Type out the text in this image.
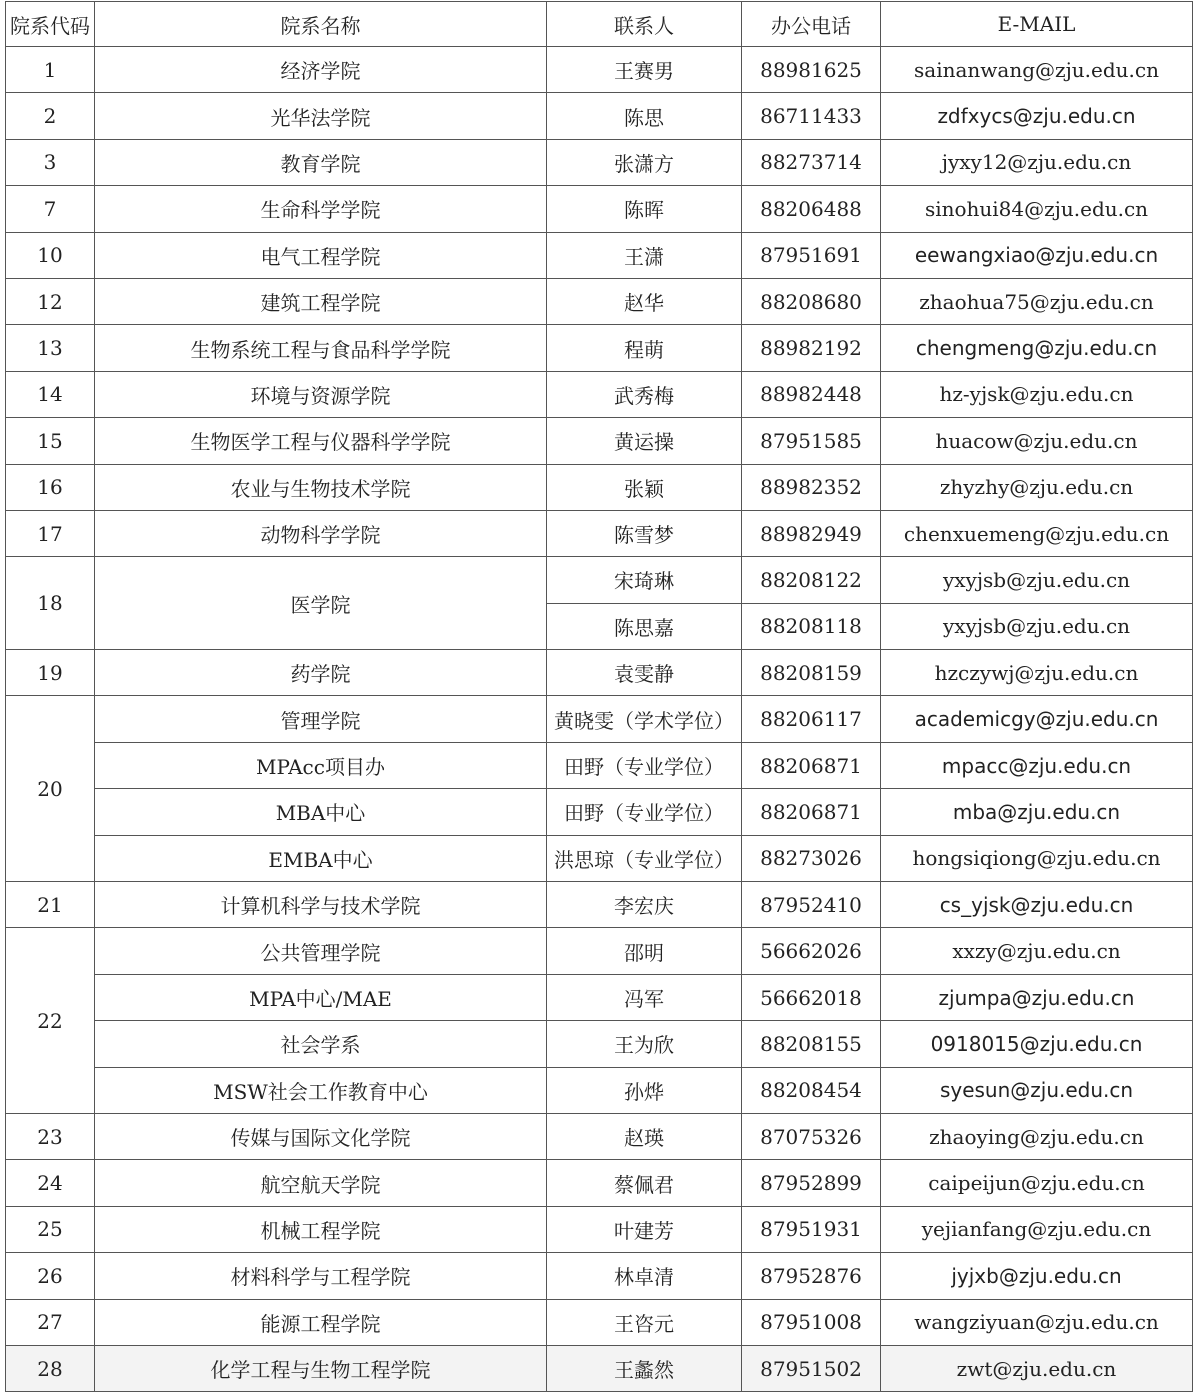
院系代码	院系名称	联系人	办公电话	E-MAIL
1	经济学院	王赛男	88981625	sainanwang@zju.edu.cn
2	光华法学院	陈思	86711433	zdfxycs@zju.edu.cn
3	教育学院	张潇方	88273714	jyxy12@zju.edu.cn
7	生命科学学院	陈晖	88206488	sinohui84@zju.edu.cn
10	电气工程学院	王潇	87951691	eewangxiao@zju.edu.cn
12	建筑工程学院	赵华	88208680	zhaohua75@zju.edu.cn
13	生物系统工程与食品科学学院	程萌	88982192	chengmeng@zju.edu.cn
14	环境与资源学院	武秀梅	88982448	hz-yjsk@zju.edu.cn
15	生物医学工程与仪器科学学院	黄运操	87951585	huacow@zju.edu.cn
16	农业与生物技术学院	张颖	88982352	zhyzhy@zju.edu.cn
17	动物科学学院	陈雪梦	88982949	chenxuemeng@zju.edu.cn
18	医学院	宋琦琳	88208122	yxyjsb@zju.edu.cn
		陈思嘉	88208118	yxyjsb@zju.edu.cn
19	药学院	袁雯静	88208159	hzczywj@zju.edu.cn
20	管理学院	黄晓雯（学术学位）	88206117	academicgy@zju.edu.cn
	MPAcc项目办	田野（专业学位）	88206871	mpacc@zju.edu.cn
	MBA中心	田野（专业学位）	88206871	mba@zju.edu.cn
	EMBA中心	洪思琼（专业学位）	88273026	hongsiqiong@zju.edu.cn
21	计算机科学与技术学院	李宏庆	87952410	cs_yjsk@zju.edu.cn
22	公共管理学院	邵明	56662026	xxzy@zju.edu.cn
	MPA中心/MAE	冯军	56662018	zjumpa@zju.edu.cn
	社会学系	王为欣	88208155	0918015@zju.edu.cn
	MSW社会工作教育中心	孙烨	88208454	syesun@zju.edu.cn
23	传媒与国际文化学院	赵瑛	87075326	zhaoying@zju.edu.cn
24	航空航天学院	蔡佩君	87952899	caipeijun@zju.edu.cn
25	机械工程学院	叶建芳	87951931	yejianfang@zju.edu.cn
26	材料科学与工程学院	林卓清	87952876	jyjxb@zju.edu.cn
27	能源工程学院	王咨元	87951008	wangziyuan@zju.edu.cn
28	化学工程与生物工程学院	王蠡然	87951502	zwt@zju.edu.cn
